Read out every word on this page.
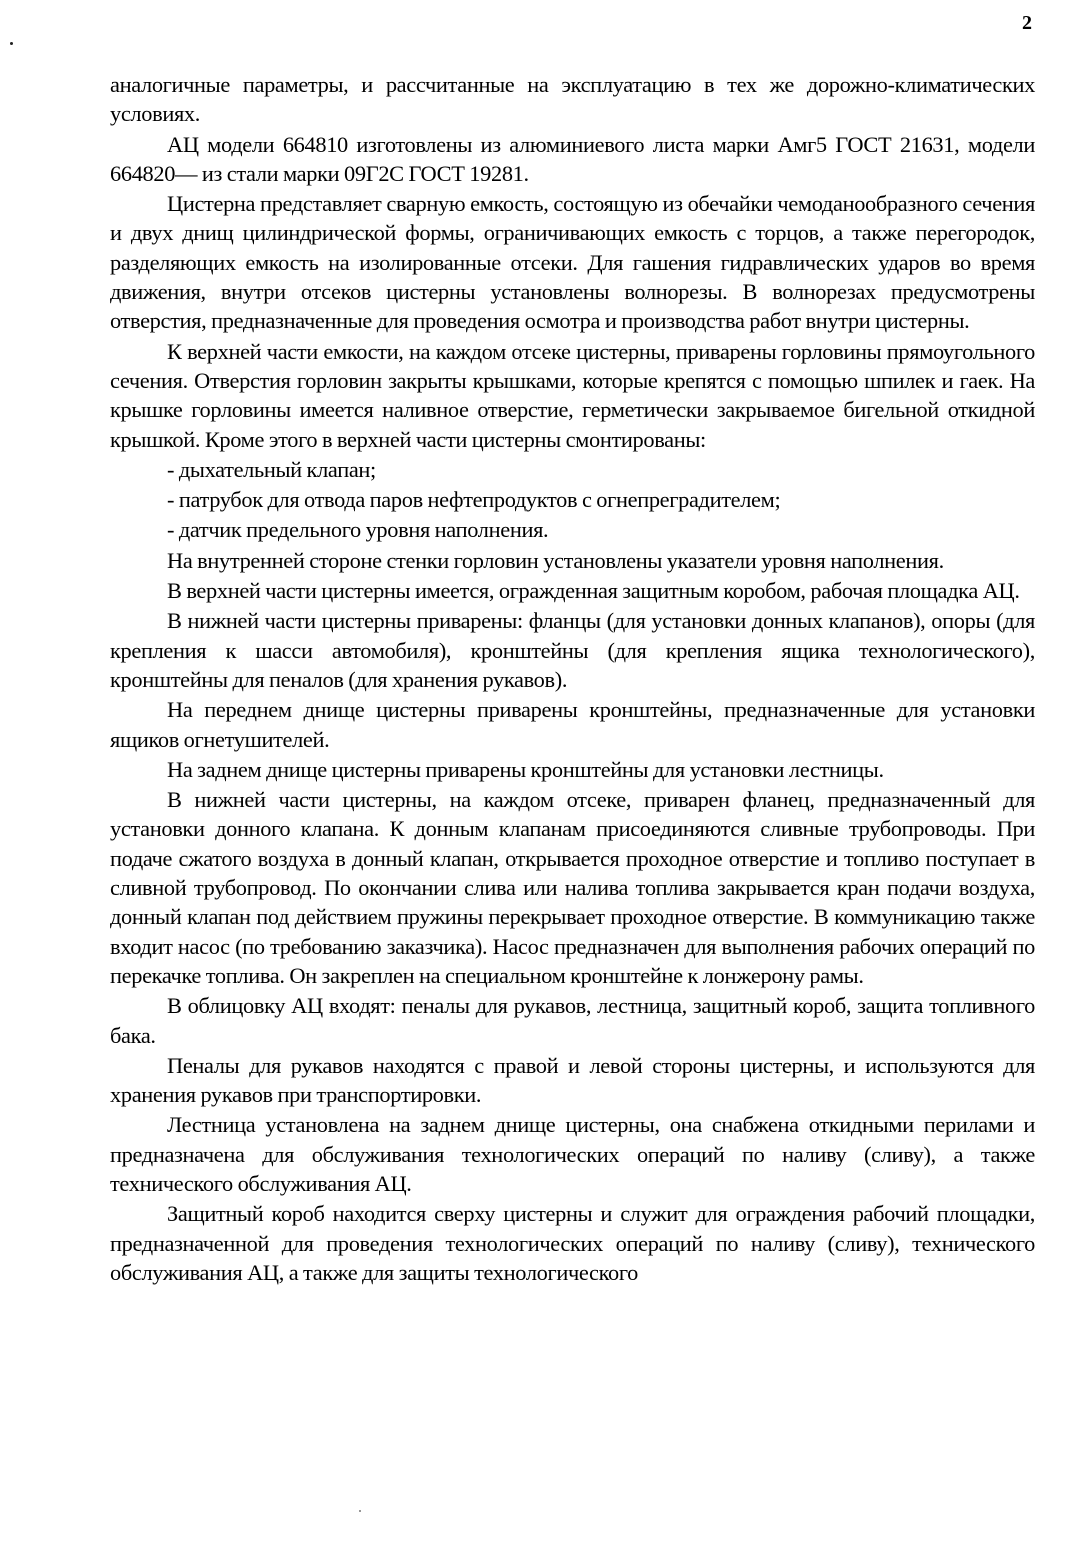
2

аналогичные параметры, и рассчитанные на эксплуатацию в тех же дорожно-климатических условиях.

АЦ модели 664810 изготовлены из алюминиевого листа марки Амг5 ГОСТ 21631, модели 664820— из стали марки 09Г2С ГОСТ 19281.

Цистерна представляет сварную емкость, состоящую из обечайки чемоданообразного сечения и двух днищ цилиндрической формы, ограничивающих емкость с торцов, а также перегородок, разделяющих емкость на изолированные отсеки. Для гашения гидравлических ударов во время движения, внутри отсеков цистерны установлены волнорезы. В волнорезах предусмотрены отверстия, предназначенные для проведения осмотра и производства работ внутри цистерны.

К верхней части емкости, на каждом отсеке цистерны, приварены горловины прямоугольного сечения. Отверстия горловин закрыты крышками, которые крепятся с помощью шпилек и гаек. На крышке горловины имеется наливное отверстие, герметически закрываемое бигельной откидной крышкой. Кроме этого в верхней части цистерны смонтированы:

- дыхательный клапан;

- патрубок для отвода паров нефтепродуктов с огнепреградителем;

- датчик предельного уровня наполнения.

На внутренней стороне стенки горловин установлены указатели уровня наполнения.

В верхней части цистерны имеется, огражденная защитным коробом, рабочая площадка АЦ.

В нижней части цистерны приварены: фланцы (для установки донных клапанов), опоры (для крепления к шасси автомобиля), кронштейны (для крепления ящика технологического), кронштейны для пеналов (для хранения рукавов).

На переднем днище цистерны приварены кронштейны, предназначенные для установки ящиков огнетушителей.

На заднем днище цистерны приварены кронштейны для установки лестницы.

В нижней части цистерны, на каждом отсеке, приварен фланец, предназначенный для установки донного клапана. К донным клапанам присоединяются сливные трубопроводы. При подаче сжатого воздуха в донный клапан, открывается проходное отверстие и топливо поступает в сливной трубопровод. По окончании слива или налива топлива закрывается кран подачи воздуха, донный клапан под действием пружины перекрывает проходное отверстие. В коммуникацию также входит насос (по требованию заказчика). Насос предназначен для выполнения рабочих операций по перекачке топлива. Он закреплен на специальном кронштейне к лонжерону рамы.

В облицовку АЦ входят: пеналы для рукавов, лестница, защитный короб, защита топливного бака.

Пеналы для рукавов находятся с правой и левой стороны цистерны, и используются для хранения рукавов при транспортировки.

Лестница установлена на заднем днище цистерны, она снабжена откидными перилами и предназначена для обслуживания технологических операций по наливу (сливу), а также технического обслуживания АЦ.

Защитный короб находится сверху цистерны и служит для ограждения рабочий площадки, предназначенной для проведения технологических операций по наливу (сливу), технического обслуживания АЦ, а также для защиты технологического
